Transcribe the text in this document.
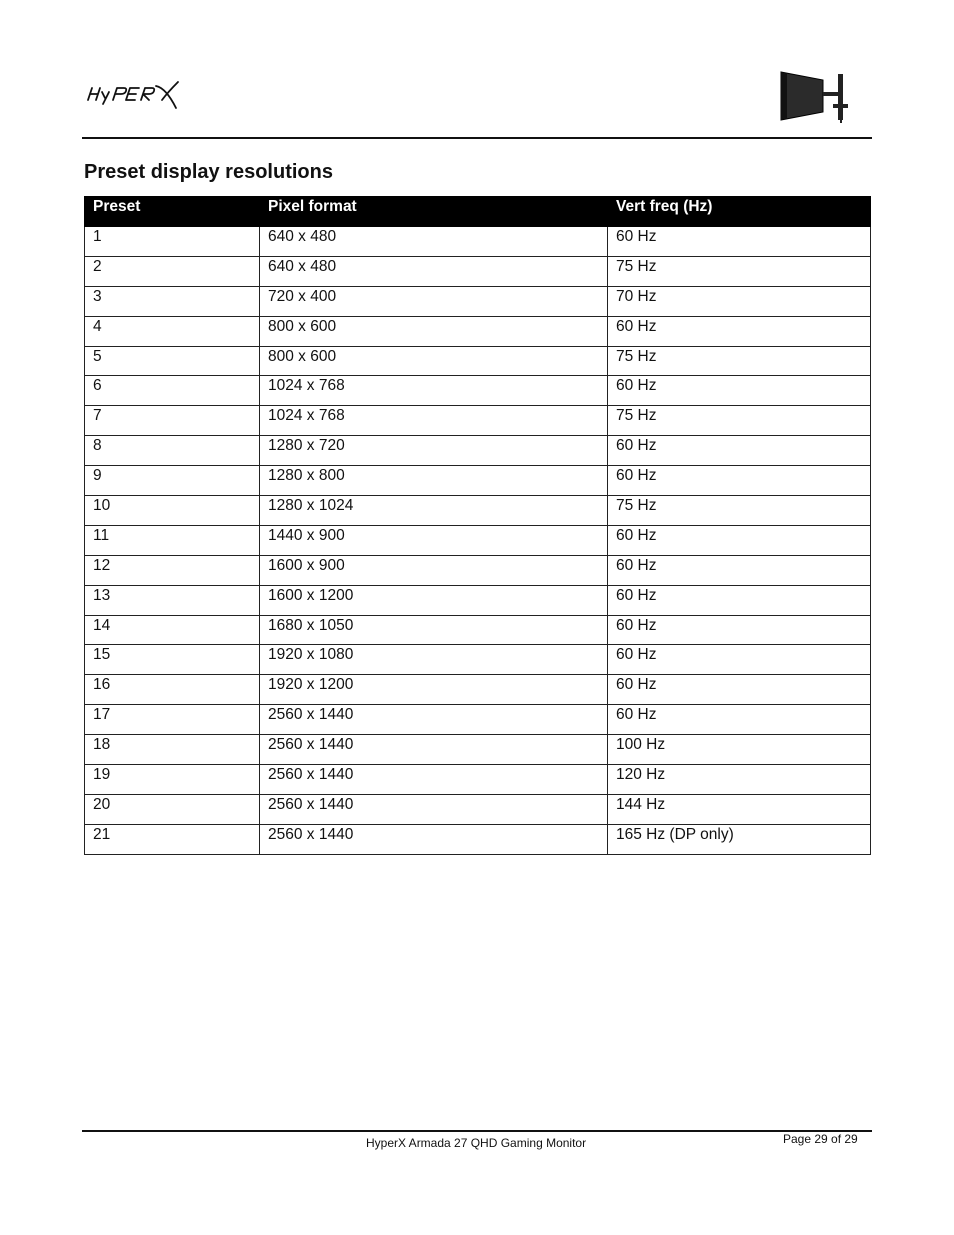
Preset display resolutions
Preset	Pixel format	Vert freq (Hz)
1	640 x 480	60 Hz
2	640 x 480	75 Hz
3	720 x 400	70 Hz
4	800 x 600	60 Hz
5	800 x 600	75 Hz
6	1024 x 768	60 Hz
7	1024 x 768	75 Hz
8	1280 x 720	60 Hz
9	1280 x 800	60 Hz
10	1280 x 1024	75 Hz
11	1440 x 900	60 Hz
12	1600 x 900	60 Hz
13	1600 x 1200	60 Hz
14	1680 x 1050	60 Hz
15	1920 x 1080	60 Hz
16	1920 x 1200	60 Hz
17	2560 x 1440	60 Hz
18	2560 x 1440	100 Hz
19	2560 x 1440	120 Hz
20	2560 x 1440	144 Hz
21	2560 x 1440	165 Hz (DP only)
HyperX Armada 27 QHD Gaming Monitor	Page 29 of 29
